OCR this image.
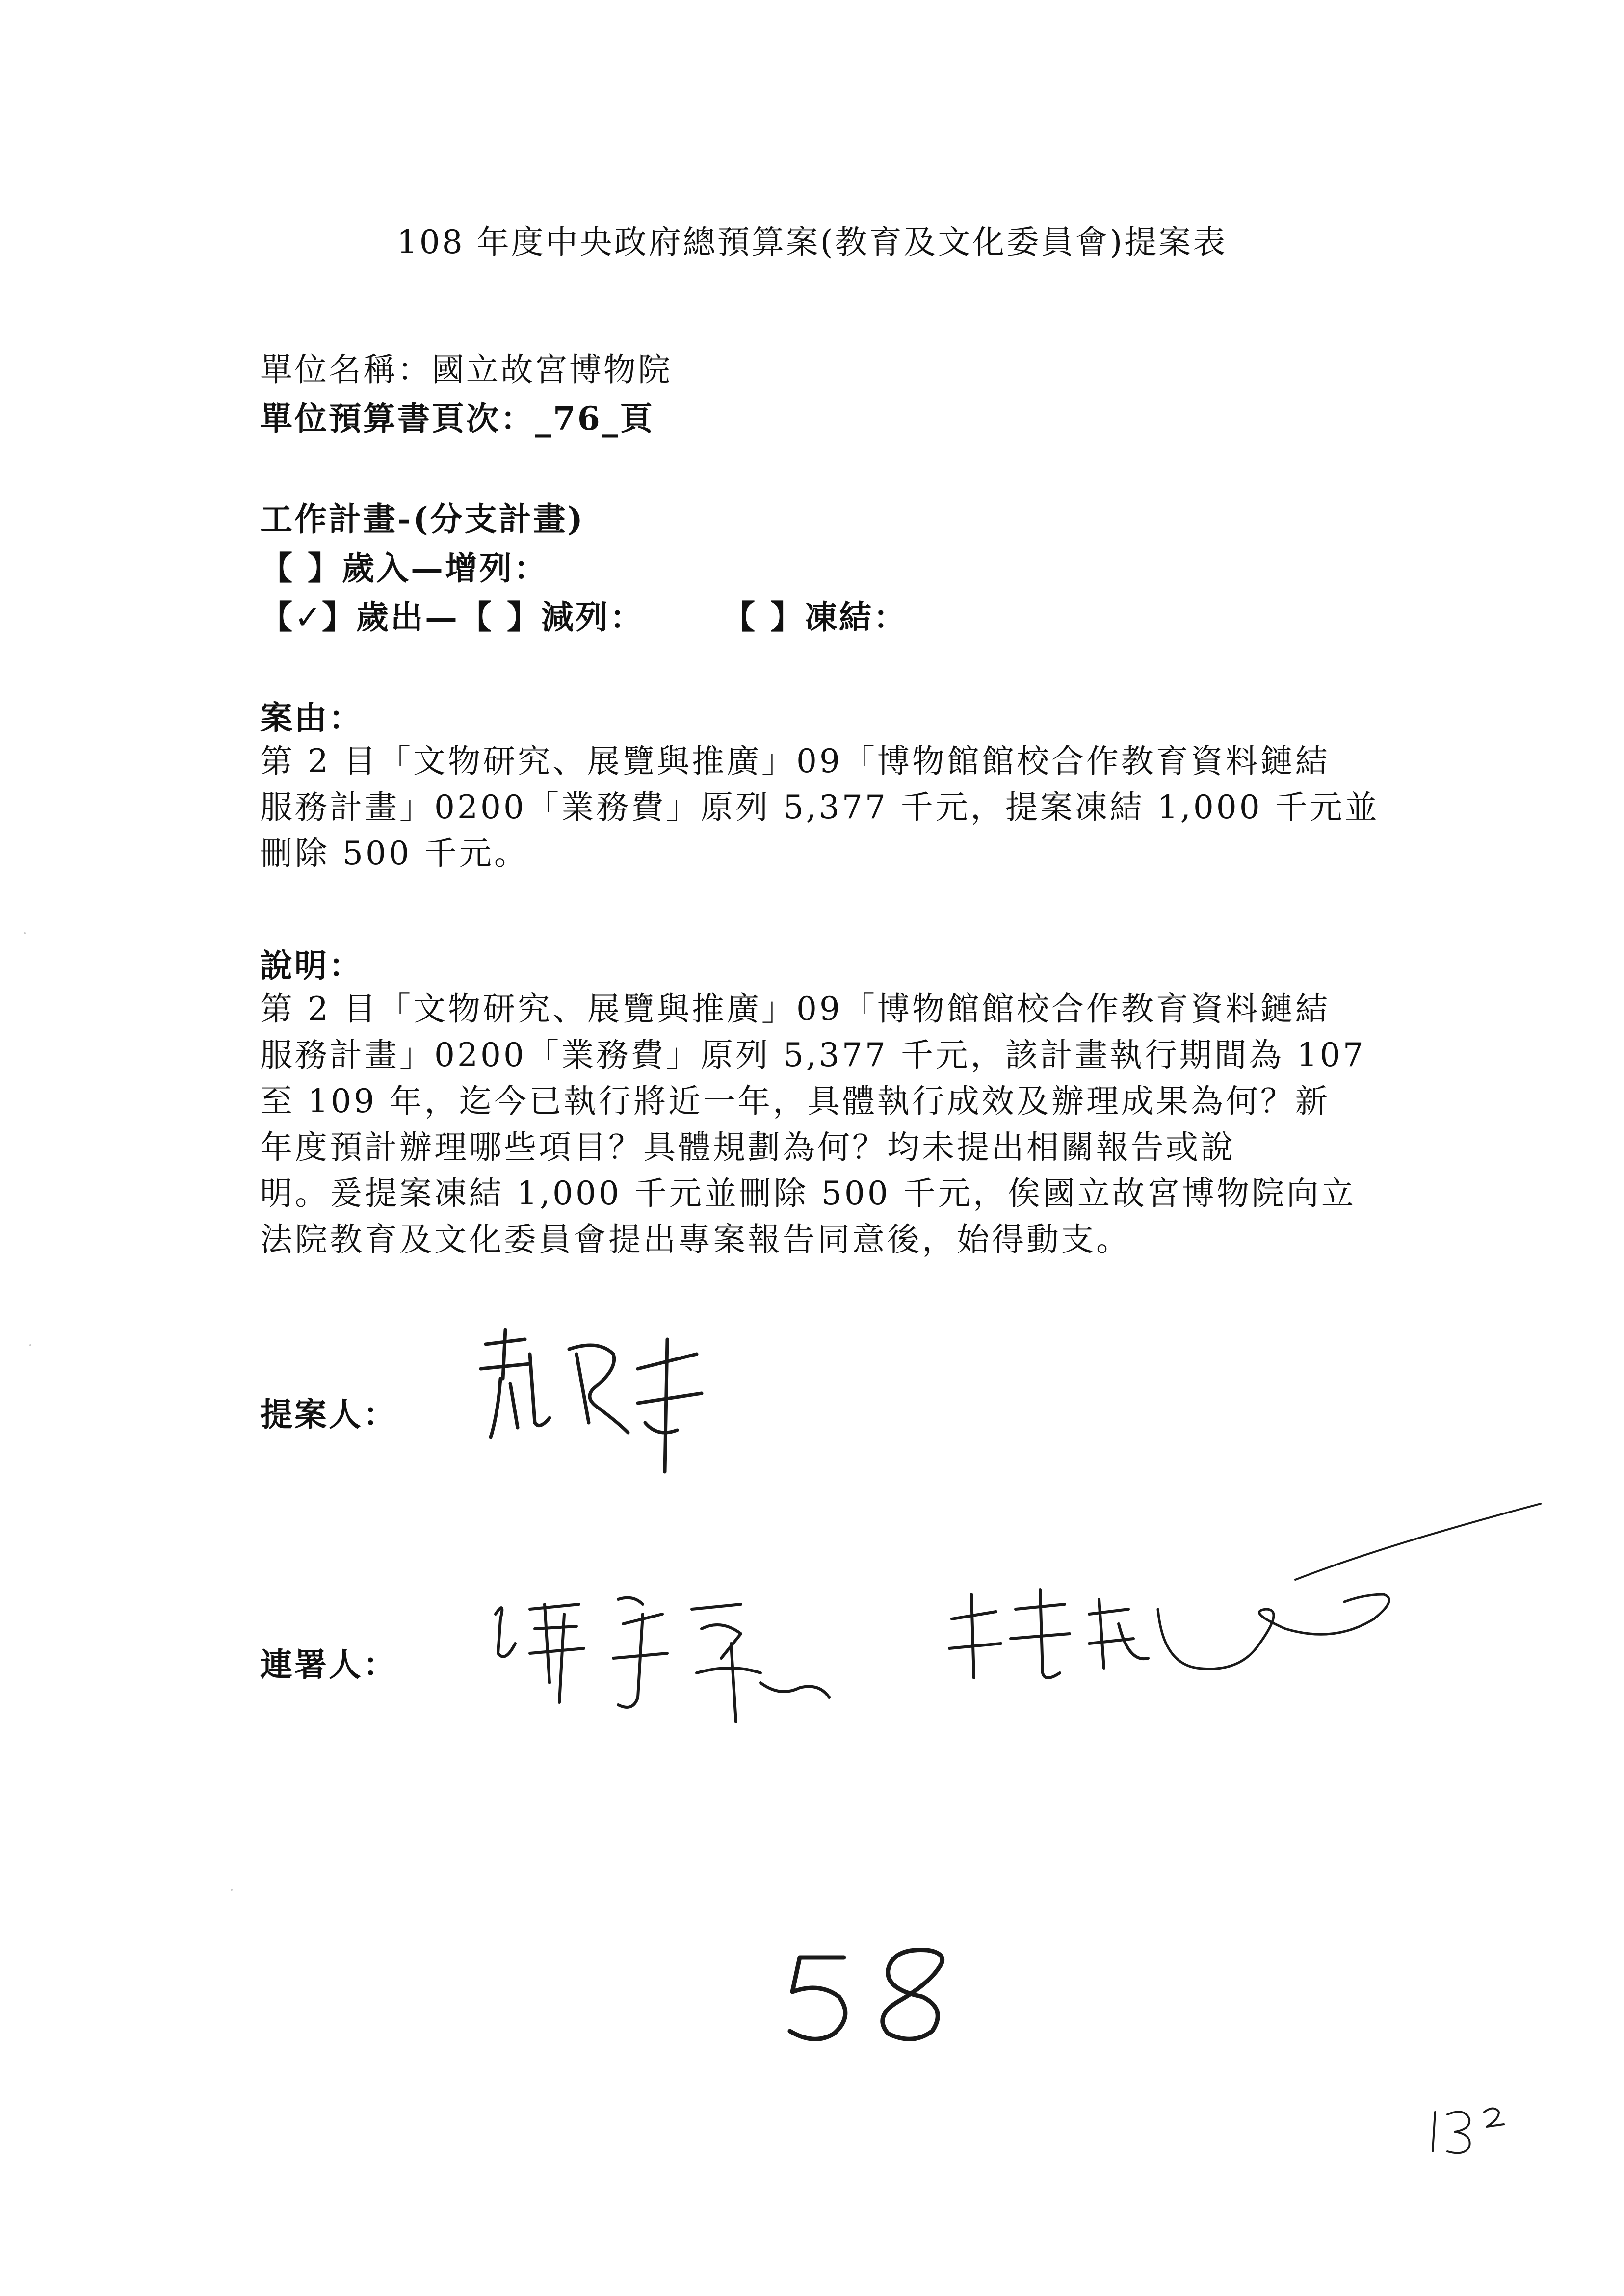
108 年度中央政府總預算案(教育及文化委員會)提案表
單位名稱：國立故宮博物院
單位預算書頁次：_76_頁
工作計畫-(分支計畫)
【 】歲入—增列：
【✓】歲出—【 】減列： 【 】凍結：
案由：
第 2 目「文物研究、展覽與推廣」09「博物館館校合作教育資料鏈結
服務計畫」0200「業務費」原列 5,377 千元，提案凍結 1,000 千元並
刪除 500 千元。
說明：
第 2 目「文物研究、展覽與推廣」09「博物館館校合作教育資料鏈結
服務計畫」0200「業務費」原列 5,377 千元，該計畫執行期間為 107
至 109 年，迄今已執行將近一年，具體執行成效及辦理成果為何？新
年度預計辦理哪些項目？具體規劃為何？均未提出相關報告或說
明。爰提案凍結 1,000 千元並刪除 500 千元，俟國立故宮博物院向立
法院教育及文化委員會提出專案報告同意後，始得動支。
提案人：
連署人：
